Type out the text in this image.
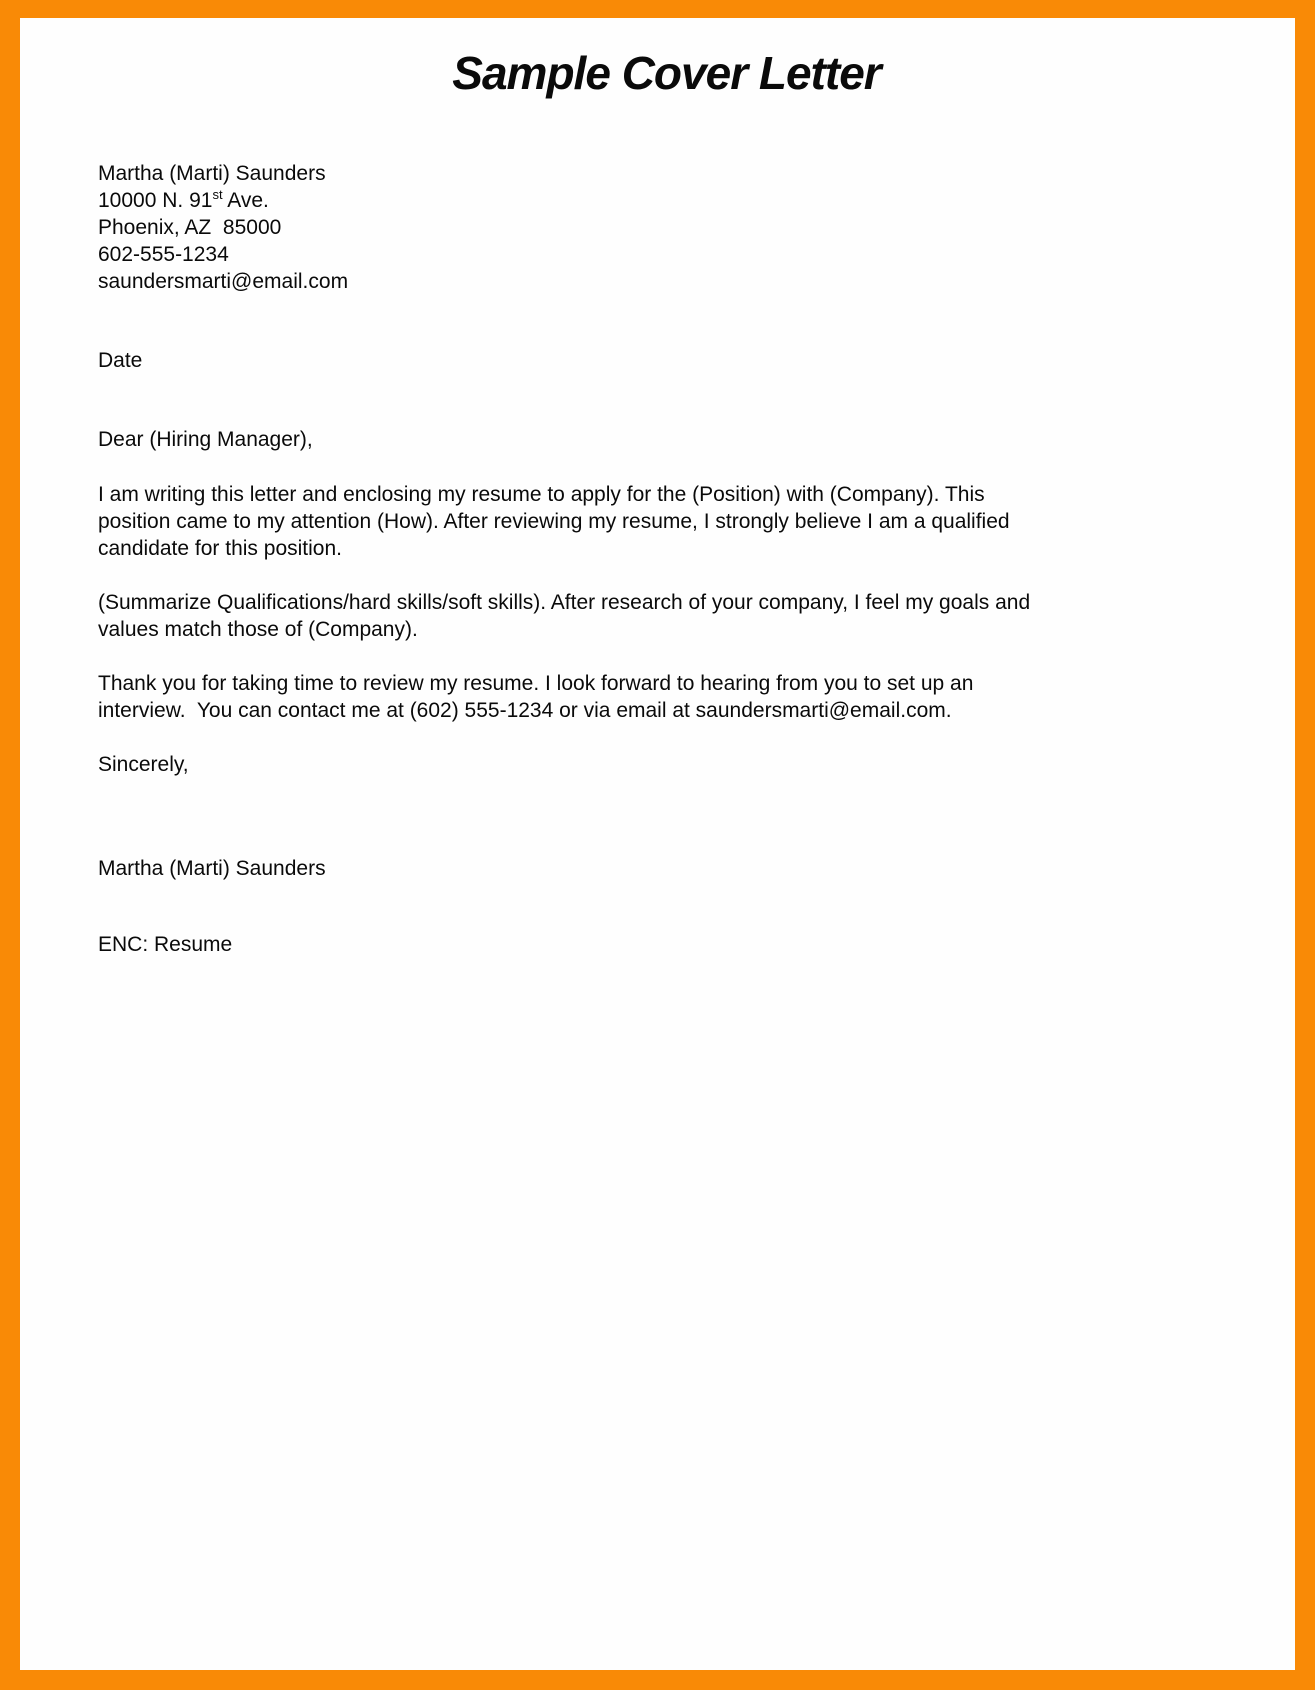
Sample Cover Letter
Martha (Marti) Saunders
10000 N. 91st Ave.
Phoenix, AZ  85000
602-555-1234
saundersmarti@email.com
Date
Dear (Hiring Manager),
I am writing this letter and enclosing my resume to apply for the (Position) with (Company). This
position came to my attention (How). After reviewing my resume, I strongly believe I am a qualified
candidate for this position.
(Summarize Qualifications/hard skills/soft skills). After research of your company, I feel my goals and
values match those of (Company).
Thank you for taking time to review my resume. I look forward to hearing from you to set up an
interview.  You can contact me at (602) 555-1234 or via email at saundersmarti@email.com.
Sincerely,
Martha (Marti) Saunders
ENC: Resume
